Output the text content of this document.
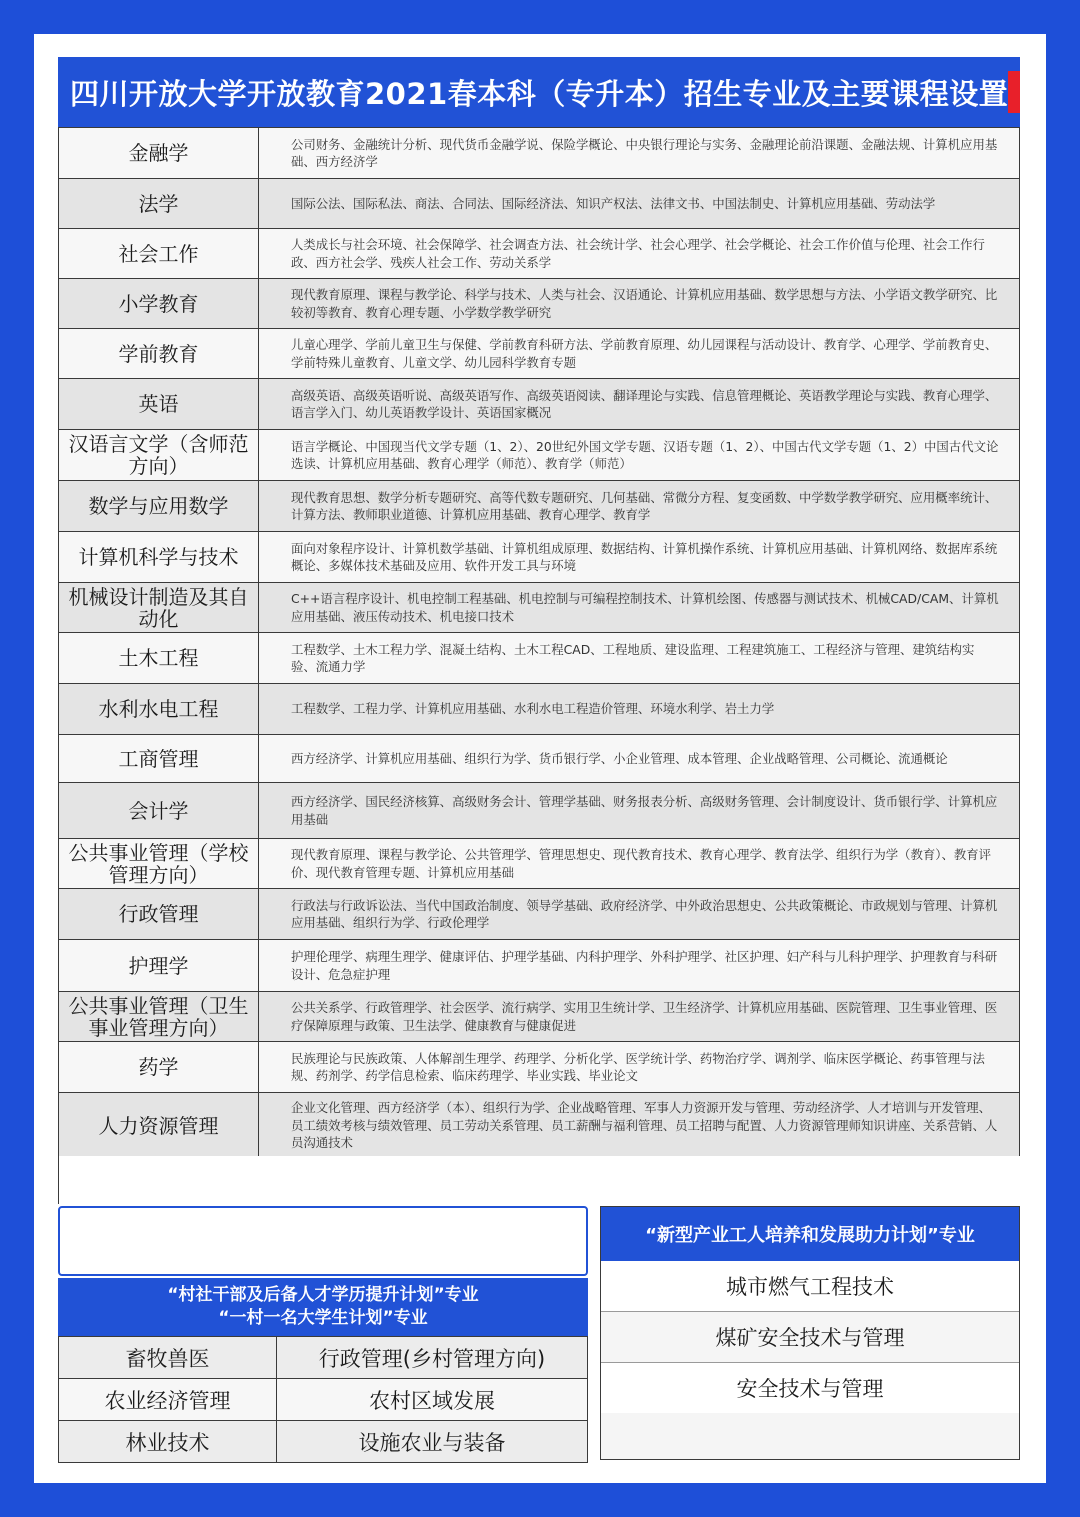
四川开放大学开放教育2021春本科（专升本）招生专业及主要课程设置
金融学	公司财务、金融统计分析、现代货币金融学说、保险学概论、中央银行理论与实务、金融理论前沿课题、金融法规、计算机应用基础、西方经济学
法学	国际公法、国际私法、商法、合同法、国际经济法、知识产权法、法律文书、中国法制史、计算机应用基础、劳动法学
社会工作	人类成长与社会环境、社会保障学、社会调查方法、社会统计学、社会心理学、社会学概论、社会工作价值与伦理、社会工作行政、西方社会学、残疾人社会工作、劳动关系学
小学教育	现代教育原理、课程与教学论、科学与技术、人类与社会、汉语通论、计算机应用基础、数学思想与方法、小学语文教学研究、比较初等教育、教育心理专题、小学数学教学研究
学前教育	儿童心理学、学前儿童卫生与保健、学前教育科研方法、学前教育原理、幼儿园课程与活动设计、教育学、心理学、学前教育史、学前特殊儿童教育、儿童文学、幼儿园科学教育专题
英语	高级英语、高级英语听说、高级英语写作、高级英语阅读、翻译理论与实践、信息管理概论、英语教学理论与实践、教育心理学、语言学入门、幼儿英语教学设计、英语国家概况
汉语言文学（含师范方向）	语言学概论、中国现当代文学专题（1、2）、20世纪外国文学专题、汉语专题（1、2）、中国古代文学专题（1、2）中国古代文论选读、计算机应用基础、教育心理学（师范）、教育学（师范）
数学与应用数学	现代教育思想、数学分析专题研究、高等代数专题研究、几何基础、常微分方程、复变函数、中学数学教学研究、应用概率统计、计算方法、教师职业道德、计算机应用基础、教育心理学、教育学
计算机科学与技术	面向对象程序设计、计算机数学基础、计算机组成原理、数据结构、计算机操作系统、计算机应用基础、计算机网络、数据库系统概论、多媒体技术基础及应用、软件开发工具与环境
机械设计制造及其自动化	C++语言程序设计、机电控制工程基础、机电控制与可编程控制技术、计算机绘图、传感器与测试技术、机械CAD/CAM、计算机应用基础、液压传动技术、机电接口技术
土木工程	工程数学、土木工程力学、混凝土结构、土木工程CAD、工程地质、建设监理、工程建筑施工、工程经济与管理、建筑结构实验、流通力学
水利水电工程	工程数学、工程力学、计算机应用基础、水利水电工程造价管理、环境水利学、岩土力学
工商管理	西方经济学、计算机应用基础、组织行为学、货币银行学、小企业管理、成本管理、企业战略管理、公司概论、流通概论
会计学	西方经济学、国民经济核算、高级财务会计、管理学基础、财务报表分析、高级财务管理、会计制度设计、货币银行学、计算机应用基础
公共事业管理（学校管理方向）	现代教育原理、课程与教学论、公共管理学、管理思想史、现代教育技术、教育心理学、教育法学、组织行为学（教育）、教育评价、现代教育管理专题、计算机应用基础
行政管理	行政法与行政诉讼法、当代中国政治制度、领导学基础、政府经济学、中外政治思想史、公共政策概论、市政规划与管理、计算机应用基础、组织行为学、行政伦理学
护理学	护理伦理学、病理生理学、健康评估、护理学基础、内科护理学、外科护理学、社区护理、妇产科与儿科护理学、护理教育与科研设计、危急症护理
公共事业管理（卫生事业管理方向）	公共关系学、行政管理学、社会医学、流行病学、实用卫生统计学、卫生经济学、计算机应用基础、医院管理、卫生事业管理、医疗保障原理与政策、卫生法学、健康教育与健康促进
药学	民族理论与民族政策、人体解剖生理学、药理学、分析化学、医学统计学、药物治疗学、调剂学、临床医学概论、药事管理与法规、药剂学、药学信息检索、临床药理学、毕业实践、毕业论文
人力资源管理	企业文化管理、西方经济学（本）、组织行为学、企业战略管理、军事人力资源开发与管理、劳动经济学、人才培训与开发管理、员工绩效考核与绩效管理、员工劳动关系管理、员工薪酬与福利管理、员工招聘与配置、人力资源管理师知识讲座、关系营销、人员沟通技术
“村社干部及后备人才学历提升计划”专业
“一村一名大学生计划”专业
畜牧兽医	行政管理(乡村管理方向)
农业经济管理	农村区域发展
林业技术	设施农业与装备
“新型产业工人培养和发展助力计划”专业
城市燃气工程技术
煤矿安全技术与管理
安全技术与管理
